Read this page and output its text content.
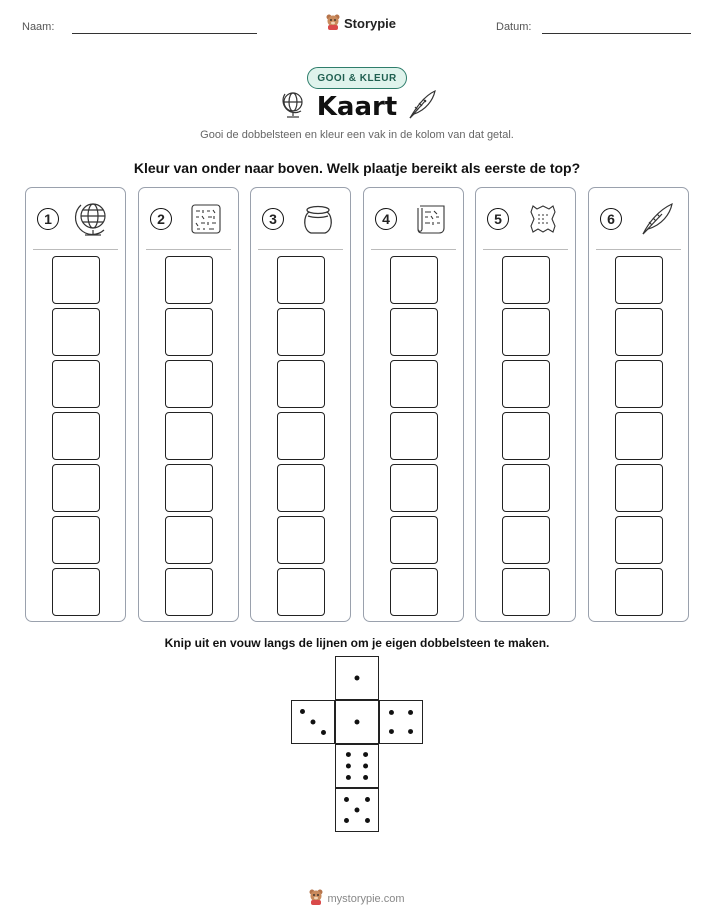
Naam:	Storypie	Datum:
GOOI & KLEUR
Kaart
Gooi de dobbelsteen en kleur een vak in de kolom van dat getal.
Kleur van onder naar boven. Welk plaatje bereikt als eerste de top?
1	2	3	4	5	6
Knip uit en vouw langs de lijnen om je eigen dobbelsteen te maken.
mystorypie.com
